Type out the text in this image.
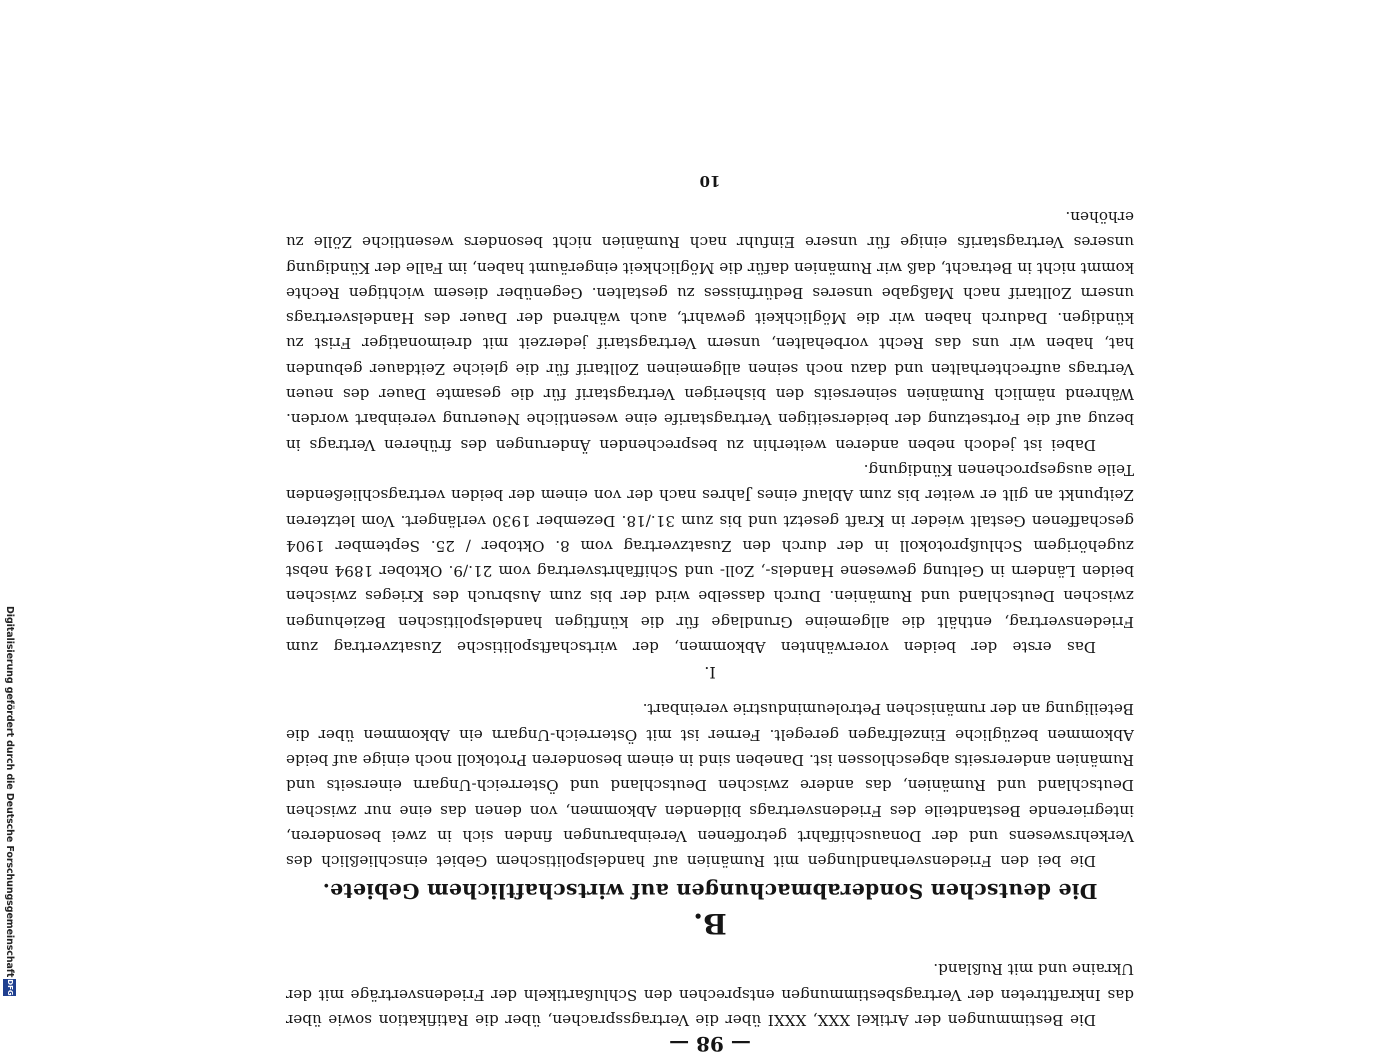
Digitalisierung gefördert durch die Deutsche Forschungsgemeinschaft
DFG
— 98 —

Die Bestimmungen der Artikel XXX, XXXI über die Vertragssprachen, über die Ratifikation sowie über das Inkrafttreten der Vertragsbestimmungen entsprechen den Schlußartikeln der Friedensverträge mit der Ukraine und mit Rußland.

B.
Die deutschen Sonderabmachungen auf wirtschaftlichem Gebiete.

Die bei den Friedensverhandlungen mit Rumänien auf handelspolitischem Gebiet einschließlich des Verkehrswesens und der Donauschiffahrt getroffenen Vereinbarungen finden sich in zwei besonderen, integrierende Bestandteile des Friedensvertrags bildenden Abkommen, von denen das eine nur zwischen Deutschland und Rumänien, das andere zwischen Deutschland und Österreich-Ungarn einerseits und Rumänien andererseits abgeschlossen ist. Daneben sind in einem besonderen Protokoll noch einige auf beide Abkommen bezügliche Einzelfragen geregelt. Ferner ist mit Österreich-Ungarn ein Abkommen über die Beteiligung an der rumänischen Petroleumindustrie vereinbart.

I.

Das erste der beiden vorerwähnten Abkommen, der wirtschaftspolitische Zusatzvertrag zum Friedensvertrag, enthält die allgemeine Grundlage für die künftigen handelspolitischen Beziehungen zwischen Deutschland und Rumänien. Durch dasselbe wird der bis zum Ausbruch des Krieges zwischen beiden Ländern in Geltung gewesene Handels-, Zoll- und Schiffahrtsvertrag vom 21./9. Oktober 1894 nebst zugehörigem Schlußprotokoll in der durch den Zusatzvertrag vom 8. Oktober / 25. September 1904 geschaffenen Gestalt wieder in Kraft gesetzt und bis zum 31./18. Dezember 1930 verlängert. Vom letzteren Zeitpunkt an gilt er weiter bis zum Ablauf eines Jahres nach der von einem der beiden vertragschließenden Teile ausgesprochenen Kündigung.

Dabei ist jedoch neben anderen weiterhin zu besprechenden Änderungen des früheren Vertrags in bezug auf die Fortsetzung der beiderseitigen Vertragstarife eine wesentliche Neuerung vereinbart worden. Während nämlich Rumänien seinerseits den bisherigen Vertragstarif für die gesamte Dauer des neuen Vertrags aufrechterhalten und dazu noch seinen allgemeinen Zolltarif für die gleiche Zeitdauer gebunden hat, haben wir uns das Recht vorbehalten, unsern Vertragstarif jederzeit mit dreimonatiger Frist zu kündigen. Dadurch haben wir die Möglichkeit gewahrt, auch während der Dauer des Handelsvertrags unsern Zolltarif nach Maßgabe unseres Bedürfnisses zu gestalten. Gegenüber diesem wichtigen Rechte kommt nicht in Betracht, daß wir Rumänien dafür die Möglichkeit eingeräumt haben, im Falle der Kündigung unseres Vertragstarifs einige für unsere Einfuhr nach Rumänien nicht besonders wesentliche Zölle zu erhöhen.

10
